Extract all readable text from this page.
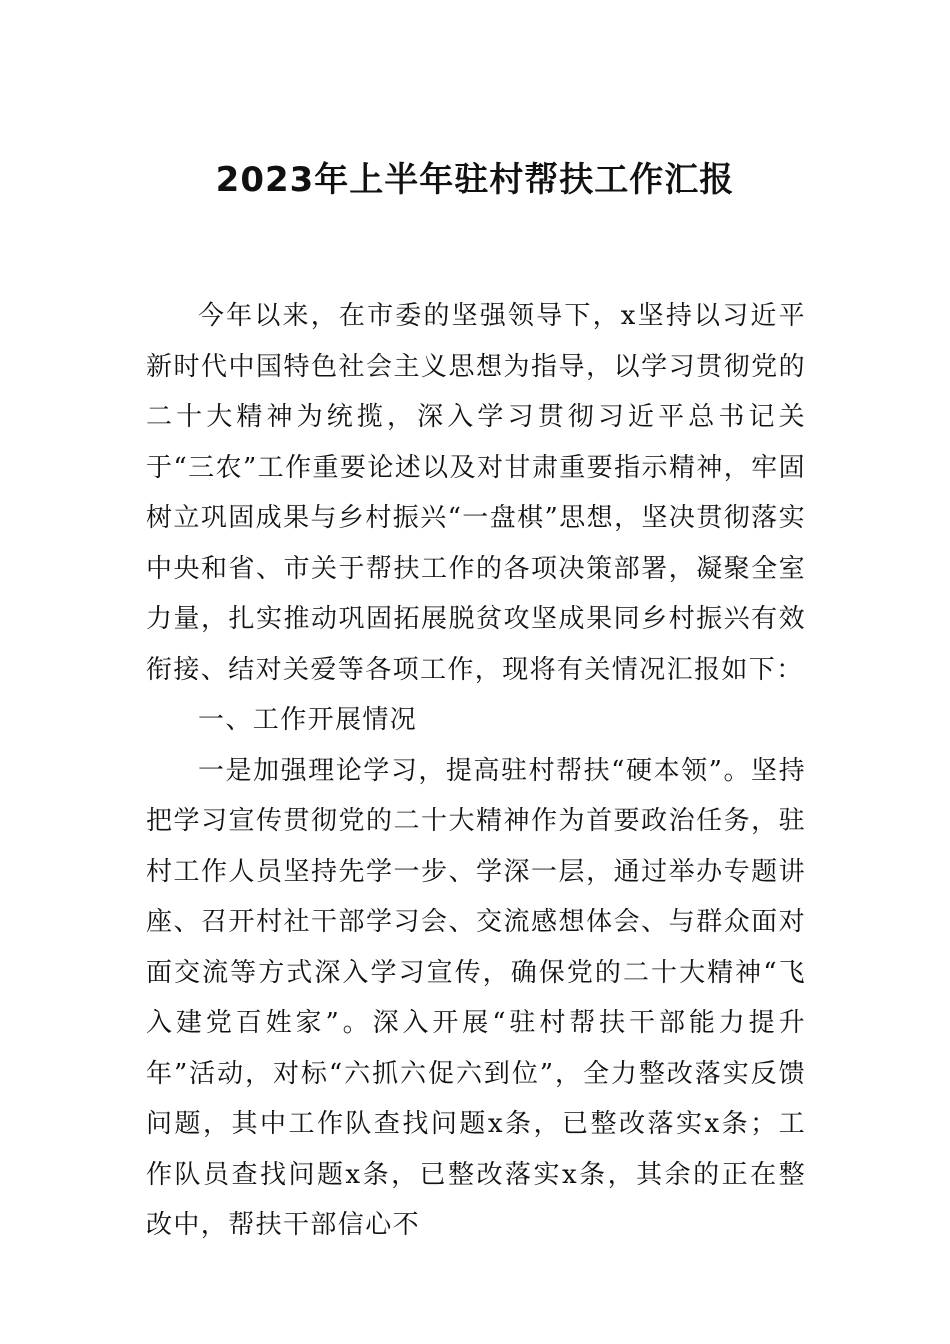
2023年上半年驻村帮扶工作汇报

今年以来，在市委的坚强领导下，x坚持以习近平新时代中国特色社会主义思想为指导，以学习贯彻党的二十大精神为统揽，深入学习贯彻习近平总书记关于“三农”工作重要论述以及对甘肃重要指示精神，牢固树立巩固成果与乡村振兴“一盘棋”思想，坚决贯彻落实中央和省、市关于帮扶工作的各项决策部署，凝聚全室力量，扎实推动巩固拓展脱贫攻坚成果同乡村振兴有效衔接、结对关爱等各项工作，现将有关情况汇报如下：

一、工作开展情况

一是加强理论学习，提高驻村帮扶“硬本领”。坚持把学习宣传贯彻党的二十大精神作为首要政治任务，驻村工作人员坚持先学一步、学深一层，通过举办专题讲座、召开村社干部学习会、交流感想体会、与群众面对面交流等方式深入学习宣传，确保党的二十大精神“飞入建党百姓家”。深入开展“驻村帮扶干部能力提升年”活动，对标“六抓六促六到位”，全力整改落实反馈问题，其中工作队查找问题x条，已整改落实x条；工作队员查找问题x条，已整改落实x条，其余的正在整改中，帮扶干部信心不
